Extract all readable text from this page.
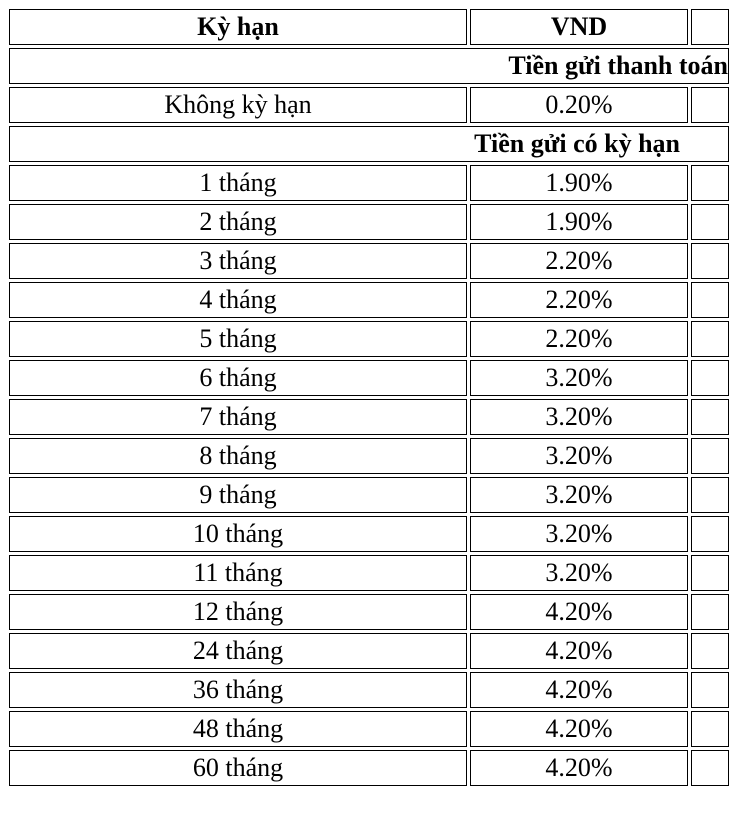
Kỳ hạn	VND	
Tiền gửi thanh toán		
Không kỳ hạn	0.20%	
Tiền gửi có kỳ hạn		
1 tháng	1.90%	
2 tháng	1.90%	
3 tháng	2.20%	
4 tháng	2.20%	
5 tháng	2.20%	
6 tháng	3.20%	
7 tháng	3.20%	
8 tháng	3.20%	
9 tháng	3.20%	
10 tháng	3.20%	
11 tháng	3.20%	
12 tháng	4.20%	
24 tháng	4.20%	
36 tháng	4.20%	
48 tháng	4.20%	
60 tháng	4.20%	
